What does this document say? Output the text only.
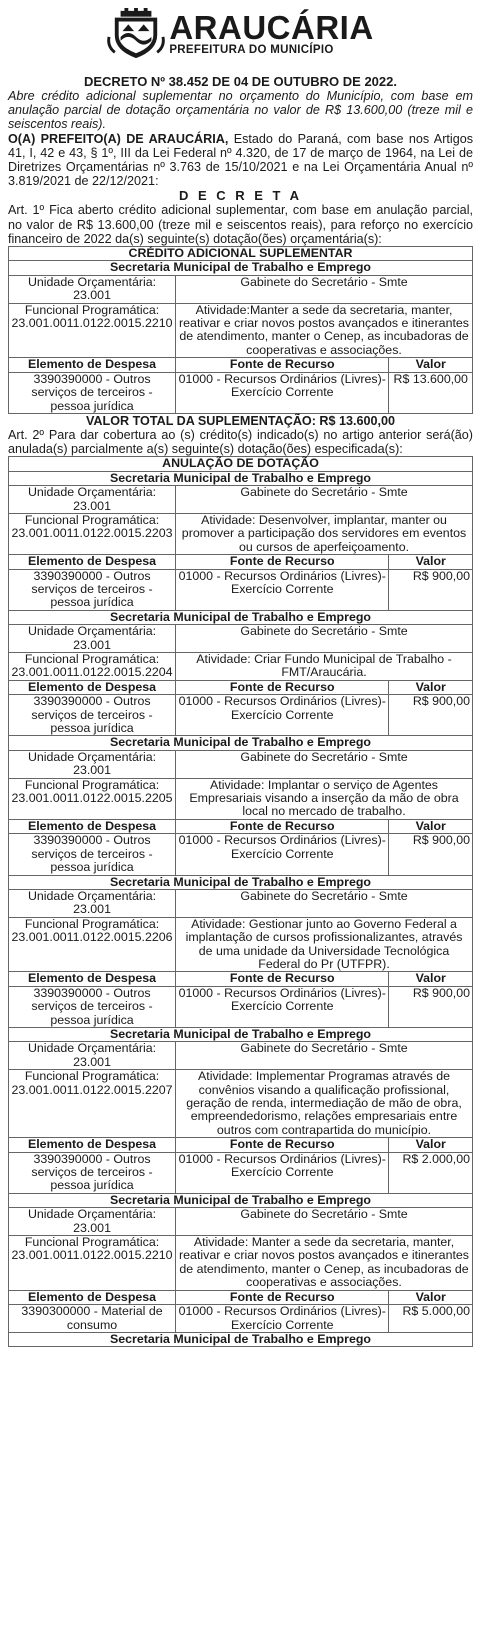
ARAUCÁRIA
PREFEITURA DO MUNICÍPIO
DECRETO Nº 38.452 DE 04 DE OUTUBRO DE 2022.

Abre crédito adicional suplementar no orçamento do Município, com base em anulação parcial de dotação orçamentária no valor de R$ 13.600,00 (treze mil e seiscentos reais).

O(A) PREFEITO(A) DE ARAUCÁRIA, Estado do Paraná, com base nos Artigos 41, I, 42 e 43, § 1º, III da Lei Federal nº 4.320, de 17 de março de 1964, na Lei de Diretrizes Orçamentárias nº 3.763 de 15/10/2021 e na Lei Orçamentária Anual nº 3.819/2021 de 22/12/2021:

D E C R E T A

Art. 1º Fica aberto crédito adicional suplementar, com base em anulação parcial, no valor de R$ 13.600,00 (treze mil e seiscentos reais), para reforço no exercício financeiro de 2022 da(s) seguinte(s) dotação(ões) orçamentária(s):

CRÉDITO ADICIONAL SUPLEMENTAR		
Secretaria Municipal de Trabalho e Emprego		
Unidade Orçamentária: 23.001	Gabinete do Secretário - Smte	
Funcional Programática: 23.001.0011.0122.0015.2210	Atividade:Manter a sede da secretaria, manter, reativar e criar novos postos avançados e itinerantes de atendimento, manter o Cenep, as incubadoras de cooperativas e associações.	
Elemento de Despesa	Fonte de Recurso	Valor
3390390000 - Outros serviços de terceiros - pessoa jurídica	01000 - Recursos Ordinários (Livres)- Exercício Corrente	R$ 13.600,00
VALOR TOTAL DA SUPLEMENTAÇÃO: R$ 13.600,00

Art. 2º Para dar cobertura ao (s) crédito(s) indicado(s) no artigo anterior será(ão) anulada(s) parcialmente a(s) seguinte(s) dotação(ões) especificada(s):

ANULAÇÃO DE DOTAÇÃO		
Secretaria Municipal de Trabalho e Emprego		
Unidade Orçamentária: 23.001	Gabinete do Secretário - Smte	
Funcional Programática: 23.001.0011.0122.0015.2203	Atividade: Desenvolver, implantar, manter ou promover a participação dos servidores em eventos ou cursos de aperfeiçoamento.	
Elemento de Despesa	Fonte de Recurso	Valor
3390390000 - Outros serviços de terceiros - pessoa jurídica	01000 - Recursos Ordinários (Livres)- Exercício Corrente	R$ 900,00
Secretaria Municipal de Trabalho e Emprego		
Unidade Orçamentária: 23.001	Gabinete do Secretário - Smte	
Funcional Programática: 23.001.0011.0122.0015.2204	Atividade: Criar Fundo Municipal de Trabalho - FMT/Araucária.	
Elemento de Despesa	Fonte de Recurso	Valor
3390390000 - Outros serviços de terceiros - pessoa jurídica	01000 - Recursos Ordinários (Livres)- Exercício Corrente	R$ 900,00
Secretaria Municipal de Trabalho e Emprego		
Unidade Orçamentária: 23.001	Gabinete do Secretário - Smte	
Funcional Programática: 23.001.0011.0122.0015.2205	Atividade: Implantar o serviço de Agentes Empresariais visando a inserção da mão de obra local no mercado de trabalho.	
Elemento de Despesa	Fonte de Recurso	Valor
3390390000 - Outros serviços de terceiros - pessoa jurídica	01000 - Recursos Ordinários (Livres)- Exercício Corrente	R$ 900,00
Secretaria Municipal de Trabalho e Emprego		
Unidade Orçamentária: 23.001	Gabinete do Secretário - Smte	
Funcional Programática: 23.001.0011.0122.0015.2206	Atividade: Gestionar junto ao Governo Federal a implantação de cursos profissionalizantes, através de uma unidade da Universidade Tecnológica Federal do Pr (UTFPR).	
Elemento de Despesa	Fonte de Recurso	Valor
3390390000 - Outros serviços de terceiros - pessoa jurídica	01000 - Recursos Ordinários (Livres)- Exercício Corrente	R$ 900,00
Secretaria Municipal de Trabalho e Emprego		
Unidade Orçamentária: 23.001	Gabinete do Secretário - Smte	
Funcional Programática: 23.001.0011.0122.0015.2207	Atividade: Implementar Programas através de convênios visando a qualificação profissional, geração de renda, intermediação de mão de obra, empreendedorismo, relações empresariais entre outros com contrapartida do município.	
Elemento de Despesa	Fonte de Recurso	Valor
3390390000 - Outros serviços de terceiros - pessoa jurídica	01000 - Recursos Ordinários (Livres)- Exercício Corrente	R$ 2.000,00
Secretaria Municipal de Trabalho e Emprego		
Unidade Orçamentária: 23.001	Gabinete do Secretário - Smte	
Funcional Programática: 23.001.0011.0122.0015.2210	Atividade: Manter a sede da secretaria, manter, reativar e criar novos postos avançados e itinerantes de atendimento, manter o Cenep, as incubadoras de cooperativas e associações.	
Elemento de Despesa	Fonte de Recurso	Valor
3390300000 - Material de consumo	01000 - Recursos Ordinários (Livres)- Exercício Corrente	R$ 5.000,00
Secretaria Municipal de Trabalho e Emprego		
